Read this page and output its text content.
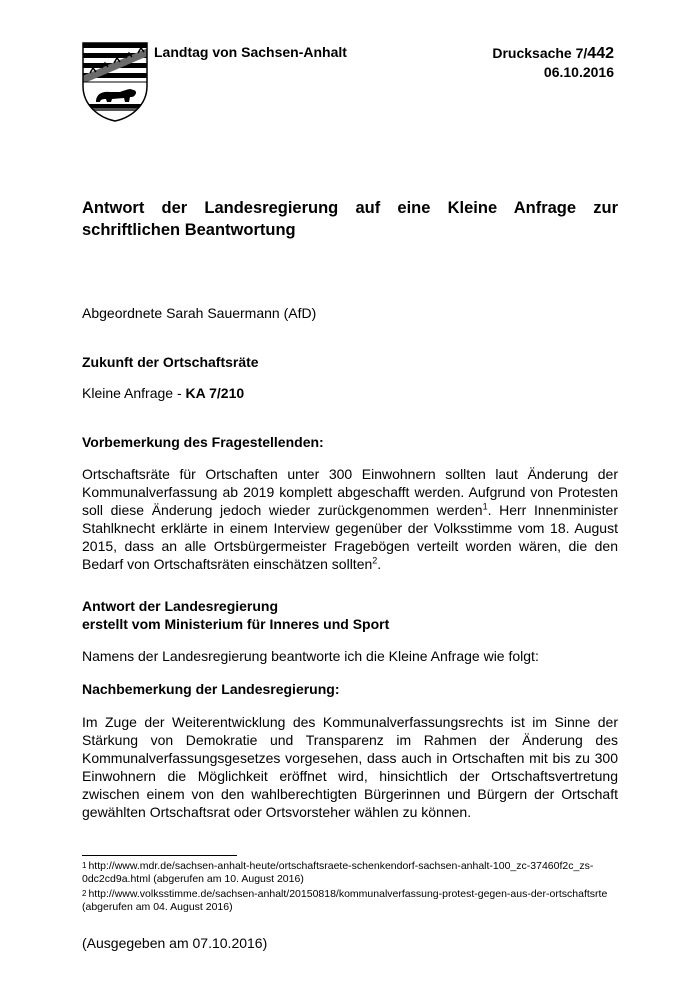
Landtag von Sachsen-Anhalt	Drucksache 7/442
06.10.2016
Antwort der Landesregierung auf eine Kleine Anfrage zur schriftlichen Beantwortung
Abgeordnete Sarah Sauermann (AfD)
Zukunft der Ortschaftsräte
Kleine Anfrage - KA 7/210
Vorbemerkung des Fragestellenden:
Ortschaftsräte für Ortschaften unter 300 Einwohnern sollten laut Änderung der Kommunalverfassung ab 2019 komplett abgeschafft werden. Aufgrund von Protesten soll diese Änderung jedoch wieder zurückgenommen werden$^1$. Herr Innenminister Stahlknecht erklärte in einem Interview gegenüber der Volksstimme vom 18. August 2015, dass an alle Ortsbürgermeister Fragebögen verteilt worden wären, die den Bedarf von Ortschaftsräten einschätzen sollten$^2$.
Antwort der Landesregierung
erstellt vom Ministerium für Inneres und Sport
Namens der Landesregierung beantworte ich die Kleine Anfrage wie folgt:
Nachbemerkung der Landesregierung:
Im Zuge der Weiterentwicklung des Kommunalverfassungsrechts ist im Sinne der Stärkung von Demokratie und Transparenz im Rahmen der Änderung des Kommunalverfassungsgesetzes vorgesehen, dass auch in Ortschaften mit bis zu 300 Einwohnern die Möglichkeit eröffnet wird, hinsichtlich der Ortschaftsvertretung zwischen einem von den wahlberechtigten Bürgerinnen und Bürgern der Ortschaft gewählten Ortschaftsrat oder Ortsvorsteher wählen zu können.
$^1$ http://www.mdr.de/sachsen-anhalt-heute/ortschaftsraete-schenkendorf-sachsen-anhalt-100_zc-37460f2c_zs-0dc2cd9a.html (abgerufen am 10. August 2016)
$^2$ http://www.volksstimme.de/sachsen-anhalt/20150818/kommunalverfassung-protest-gegen-aus-der-ortschaftsrte (abgerufen am 04. August 2016)
(Ausgegeben am 07.10.2016)
